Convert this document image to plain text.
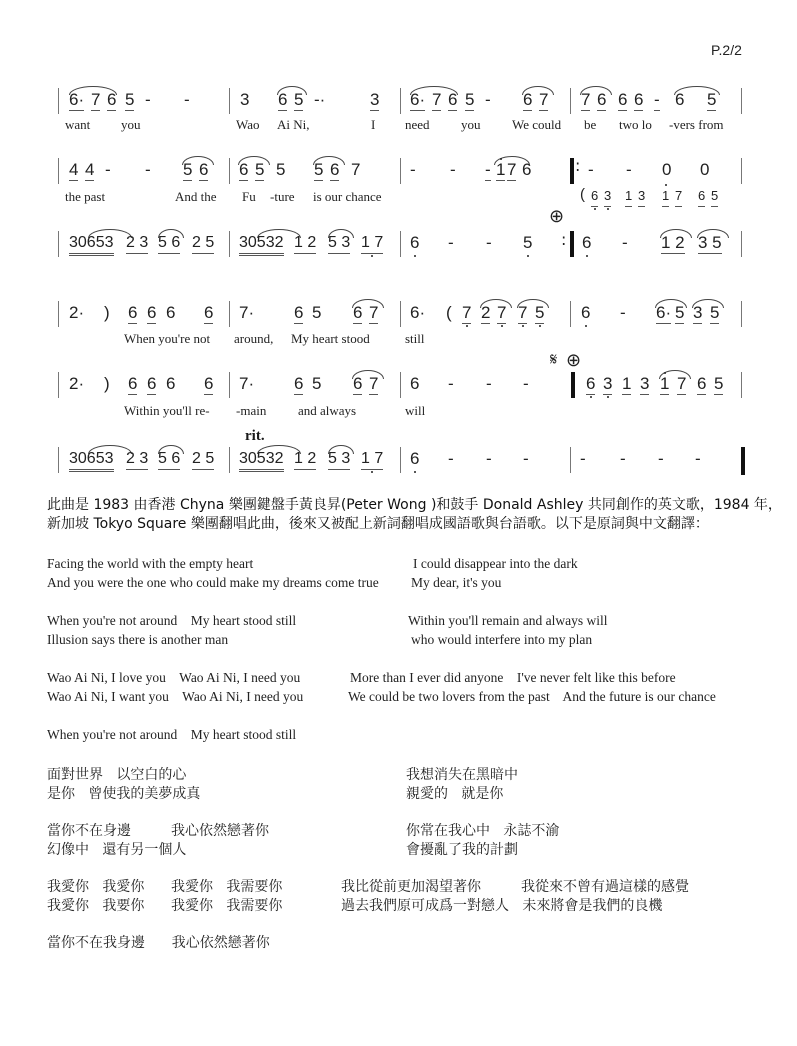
P.2/2
6· 7 6 5 - -	3 6 5 -·	3 6· 7 6 5 - 6 7 7 6 6 6 - 6 5
want you	Wao Ai Ni,	I need you We could be two lo -vers from
:
4 4 - - 5 6 6 5 5 5 6 7	- - - 1 7 6	- - 0 0
( 6 3 1 3 1 7 6 5
the past	And the Fu -ture is our chance
⊕
:
30653 2 3 5 6 2 5 30532 1 2 5 3 1 7 6 - - 5	6 - 1 2 3 5
2· ) 6 6 6 6 7· 6 5 6 7 6· ( 7 2 7 7 5 6 - 6· 5 3 5
When you're not around, My heart stood	still
𝄋 ⊕
2· ) 6 6 6 6 7· 6 5 6 7 6 - - -	6 3 1 3 1 7 6 5
Within you'll re- -main and always	will
rit.
30653 2 3 5 6 2 5 30532 1 2 5 3 1 7 6 - - -	- - - -
此曲是 1983 由香港 Chyna 樂團鍵盤手黃良昇(Peter Wong )和鼓手 Donald Ashley 共同創作的英文歌，1984 年，
新加坡 Tokyo Square 樂團翻唱此曲，後來又被配上新詞翻唱成國語歌與台語歌。以下是原詞與中文翻譯：
Facing the world with the empty heart	I could disappear into the dark
And you were the one who could make my dreams come true My dear, it's you
When you're not around    My heart stood still	Within you'll remain and always will
Illusion says there is another man	who would interfere into my plan
Wao Ai Ni, I love you    Wao Ai Ni, I need you	More than I ever did anyone    I've never felt like this before
Wao Ai Ni, I want you    Wao Ai Ni, I need you	We could be two lovers from the past    And the future is our chance
When you're not around    My heart stood still
面對世界   以空白的心	我想消失在黑暗中
是你   曾使我的美夢成真	親愛的   就是你
當你不在身邊         我心依然戀著你	你常在我心中   永誌不渝
幻像中   還有另一個人	會擾亂了我的計劃
我愛你   我愛你      我愛你   我需要你	我比從前更加渴望著你         我從來不曾有過這樣的感覺
我愛你   我要你      我愛你   我需要你	過去我們原可成爲一對戀人   未來將會是我們的良機
當你不在我身邊      我心依然戀著你
